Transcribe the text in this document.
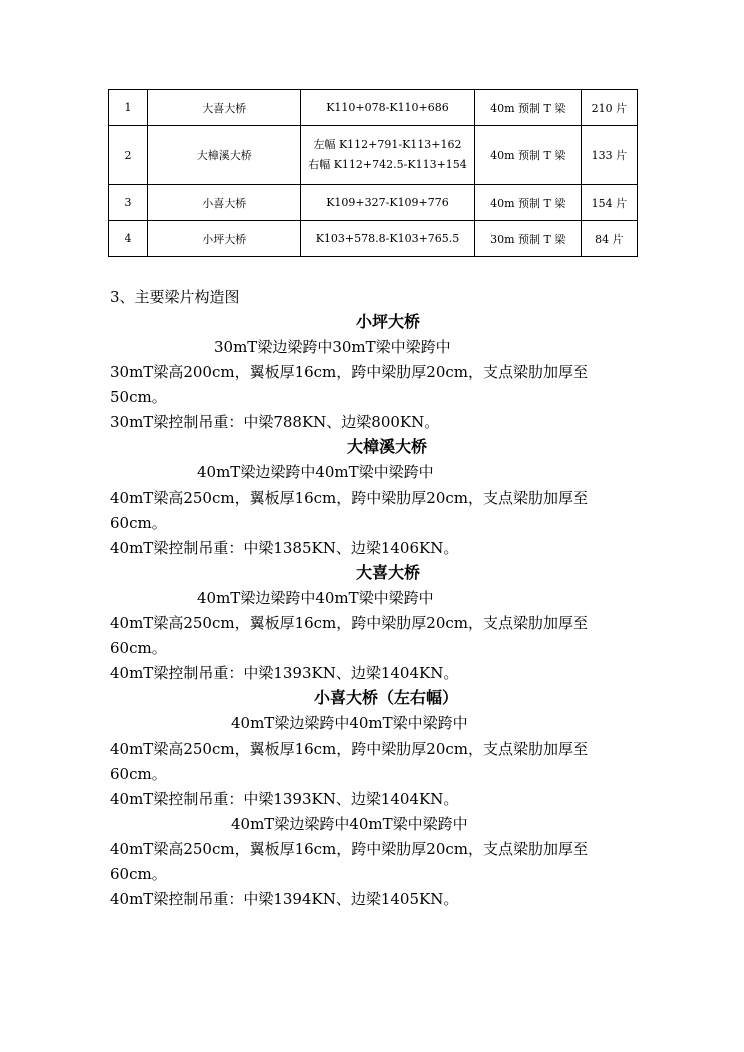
1	大喜大桥	K110+078-K110+686	40m 预制 T 梁	210 片
2	大樟溪大桥	左幅 K112+791-K113+162
右幅 K112+742.5-K113+154	40m 预制 T 梁	133 片
3	小喜大桥	K109+327-K109+776	40m 预制 T 梁	154 片
4	小坪大桥	K103+578.8-K103+765.5	30m 预制 T 梁	84 片
3、主要梁片构造图
小坪大桥
30mT梁边梁跨中30mT梁中梁跨中
30mT梁高200cm，翼板厚16cm，跨中梁肋厚20cm，支点梁肋加厚至
50cm。
30mT梁控制吊重：中梁788KN、边梁800KN。
大樟溪大桥
40mT梁边梁跨中40mT梁中梁跨中
40mT梁高250cm，翼板厚16cm，跨中梁肋厚20cm，支点梁肋加厚至
60cm。
40mT梁控制吊重：中梁1385KN、边梁1406KN。
大喜大桥
40mT梁边梁跨中40mT梁中梁跨中
40mT梁高250cm，翼板厚16cm，跨中梁肋厚20cm，支点梁肋加厚至
60cm。
40mT梁控制吊重：中梁1393KN、边梁1404KN。
小喜大桥（左右幅）
40mT梁边梁跨中40mT梁中梁跨中
40mT梁高250cm，翼板厚16cm，跨中梁肋厚20cm，支点梁肋加厚至
60cm。
40mT梁控制吊重：中梁1393KN、边梁1404KN。
40mT梁边梁跨中40mT梁中梁跨中
40mT梁高250cm，翼板厚16cm，跨中梁肋厚20cm，支点梁肋加厚至
60cm。
40mT梁控制吊重：中梁1394KN、边梁1405KN。
